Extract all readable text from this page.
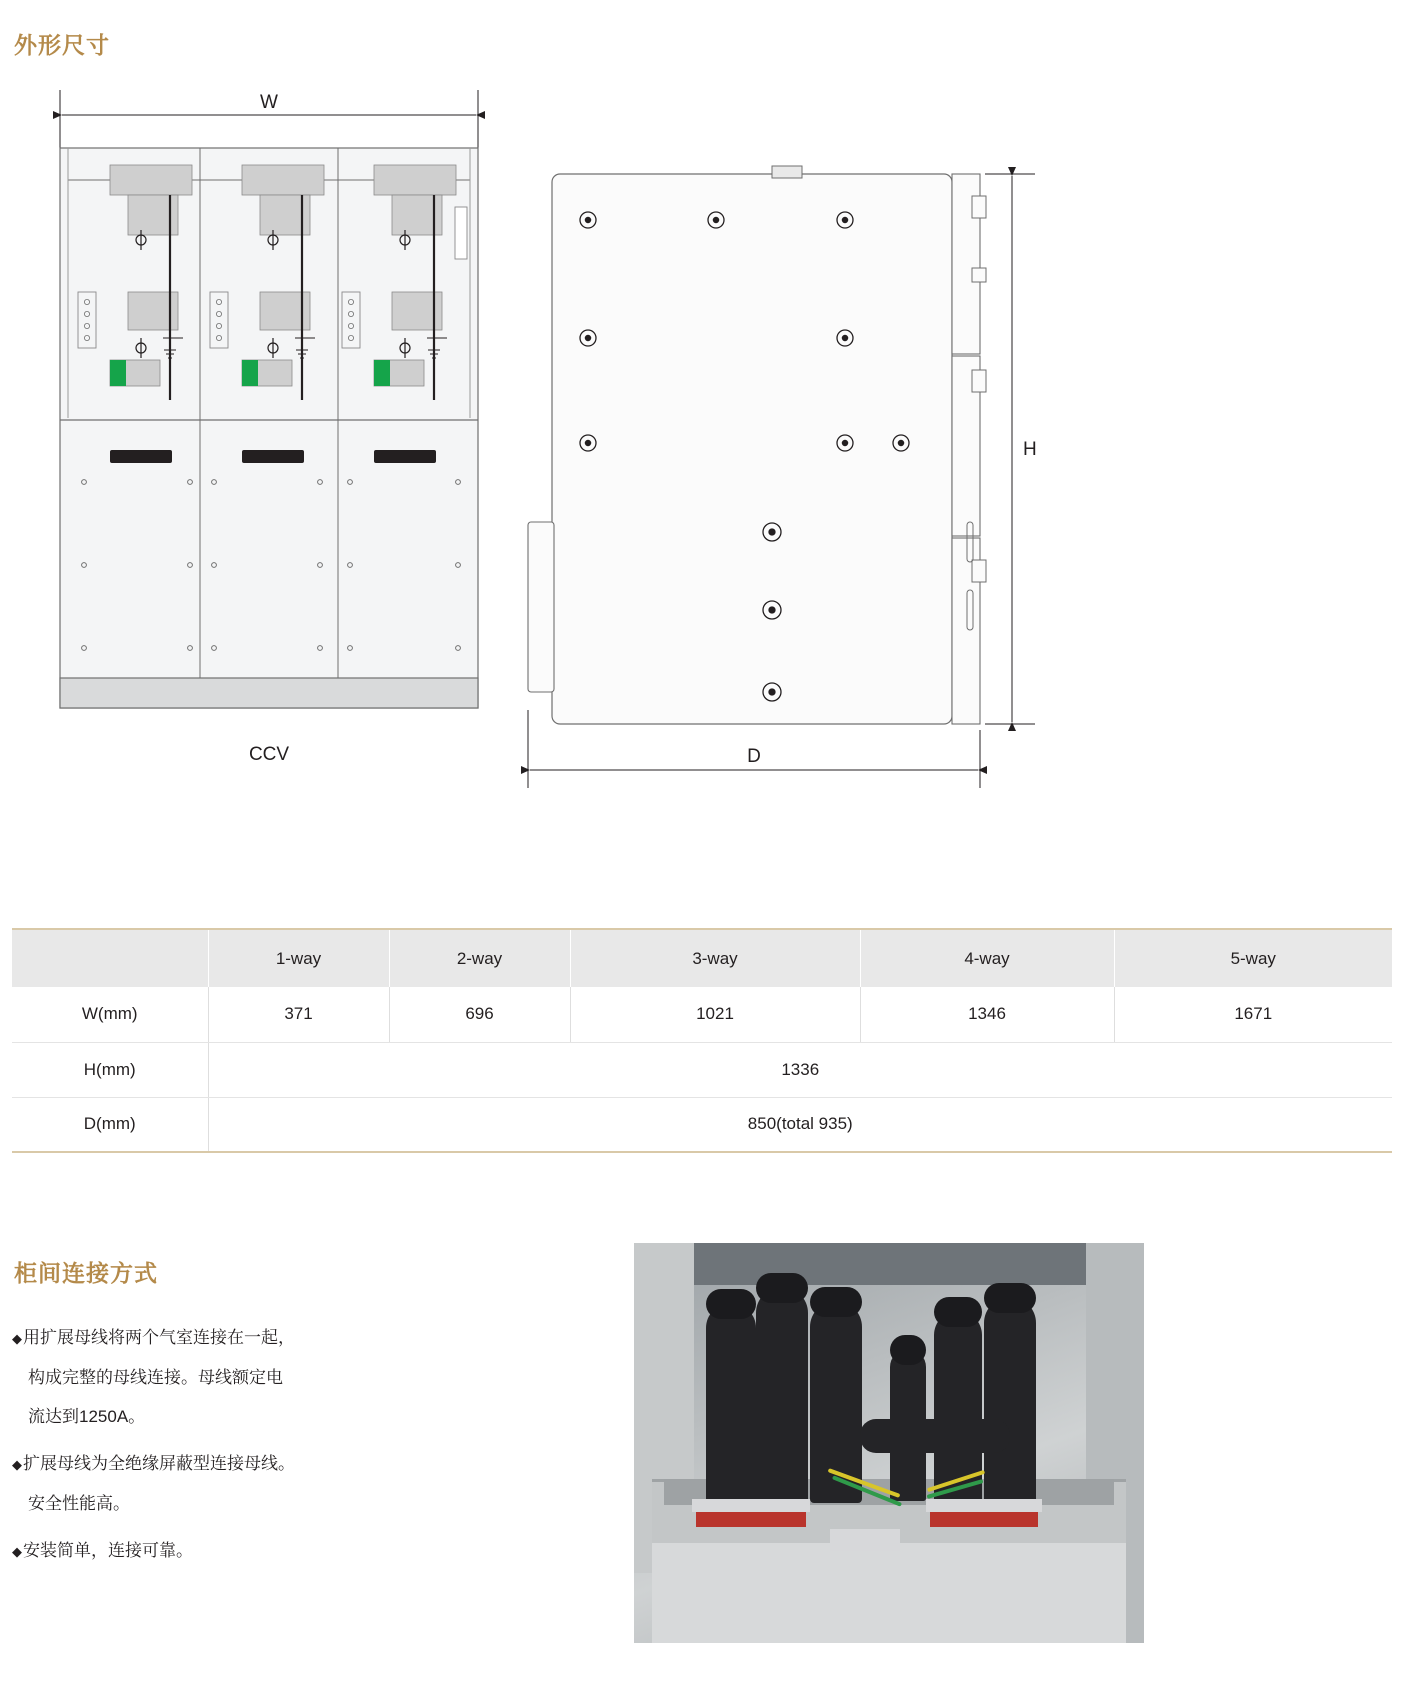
外形尺寸
W
CCV
H
D
	1-way	2-way	3-way	4-way	5-way
W(mm)	371	696	1021	1346	1671
H(mm)	1336				
D(mm)	850(total 935)				
柜间连接方式
◆用扩展母线将两个气室连接在一起，
构成完整的母线连接。母线额定电
流达到1250A。
◆扩展母线为全绝缘屏蔽型连接母线。
安全性能高。
◆安装简单，连接可靠。
